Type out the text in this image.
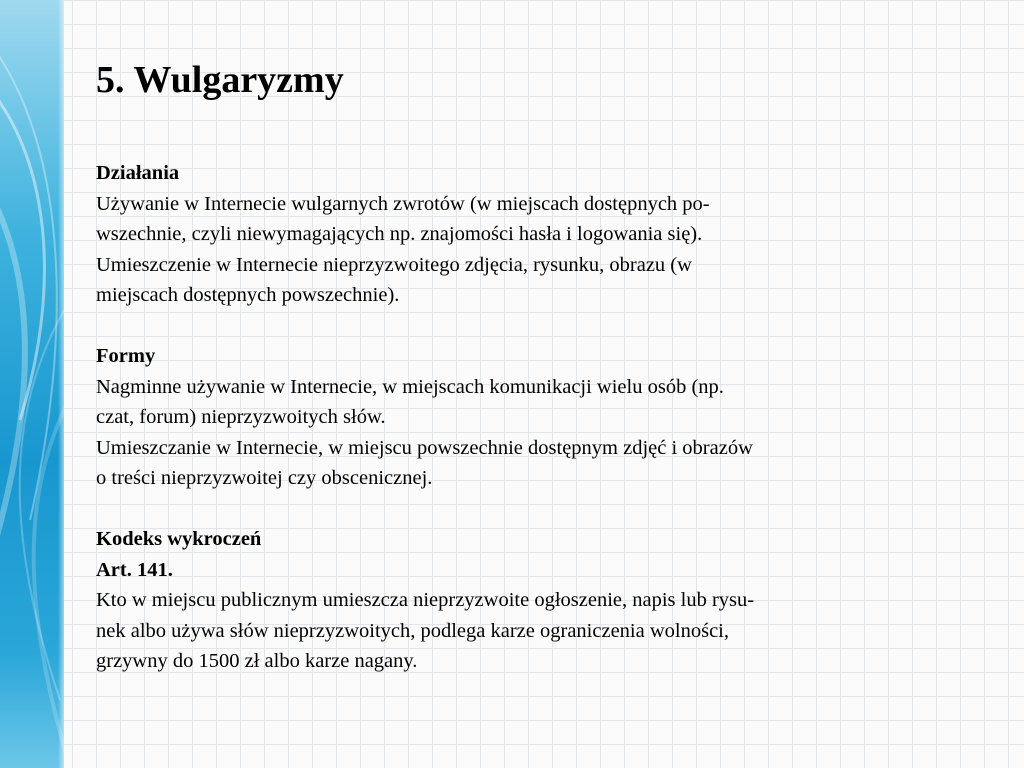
5. Wulgaryzmy

Działania

Używanie w Internecie wulgarnych zwrotów (w miejscach dostępnych po-

wszechnie, czyli niewymagających np. znajomości hasła i logowania się).

Umieszczenie w Internecie nieprzyzwoitego zdjęcia, rysunku, obrazu (w

miejscach dostępnych powszechnie).

Formy

Nagminne używanie w Internecie, w miejscach komunikacji wielu osób (np.

czat, forum) nieprzyzwoitych słów.

Umieszczanie w Internecie, w miejscu powszechnie dostępnym zdjęć i obrazów

o treści nieprzyzwoitej czy obscenicznej.

Kodeks wykroczeń

Art. 141.

Kto w miejscu publicznym umieszcza nieprzyzwoite ogłoszenie, napis lub rysu-

nek albo używa słów nieprzyzwoitych, podlega karze ograniczenia wolności,

grzywny do 1500 zł albo karze nagany.
